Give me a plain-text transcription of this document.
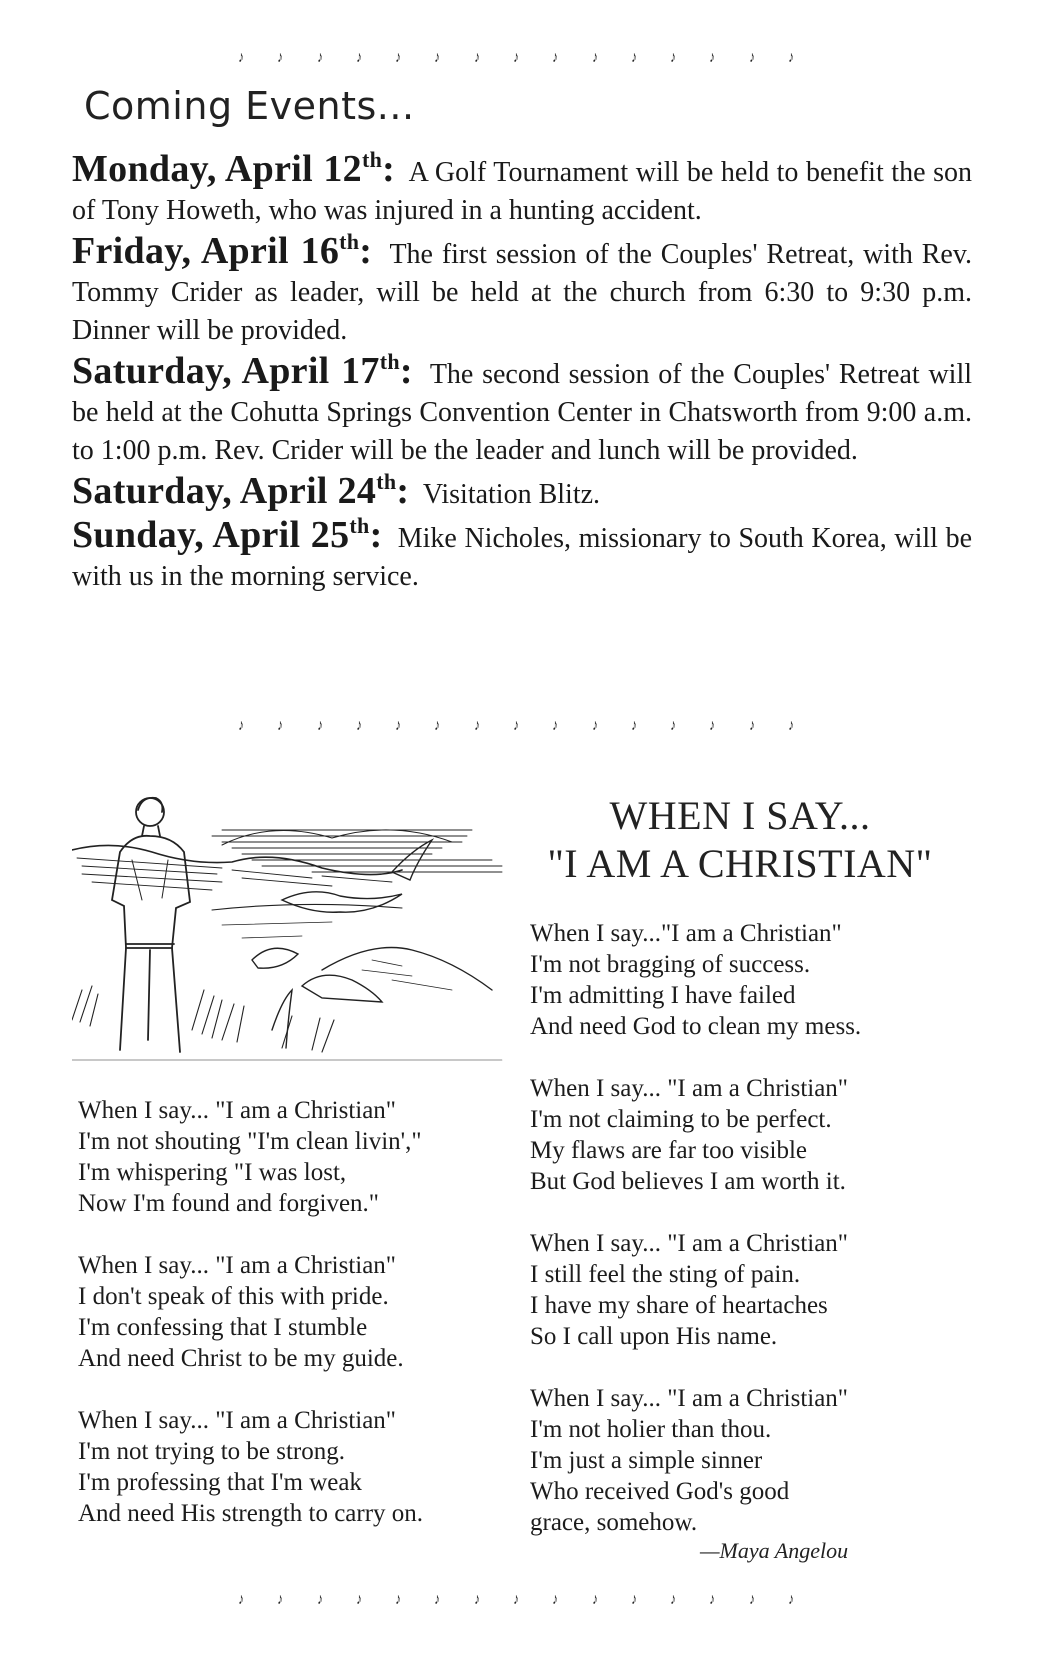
♪ ♪ ♪ ♪ ♪ ♪ ♪ ♪ ♪ ♪ ♪ ♪ ♪ ♪ ♪
Coming Events...

Monday, April 12th: A Golf Tournament will be held to benefit the son of Tony Howeth, who was injured in a hunting accident.

Friday, April 16th: The first session of the Couples' Retreat, with Rev. Tommy Crider as leader, will be held at the church from 6:30 to 9:30 p.m. Dinner will be provided.

Saturday, April 17th: The second session of the Couples' Retreat will be held at the Cohutta Springs Convention Center in Chatsworth from 9:00 a.m. to 1:00 p.m. Rev. Crider will be the leader and lunch will be provided.

Saturday, April 24th: Visitation Blitz.

Sunday, April 25th: Mike Nicholes, missionary to South Korea, will be with us in the morning service.

♪ ♪ ♪ ♪ ♪ ♪ ♪ ♪ ♪ ♪ ♪ ♪ ♪ ♪ ♪
WHEN I SAY...
"I AM A CHRISTIAN"
When I say..."I am a Christian"
I'm not bragging of success.
I'm admitting I have failed
And need God to clean my mess.
When I say... "I am a Christian"
I'm not claiming to be perfect.
My flaws are far too visible
But God believes I am worth it.
When I say... "I am a Christian"
I still feel the sting of pain.
I have my share of heartaches
So I call upon His name.
When I say... "I am a Christian"
I'm not holier than thou.
I'm just a simple sinner
Who received God's good
grace, somehow.
When I say... "I am a Christian"
I'm not shouting "I'm clean livin',"
I'm whispering "I was lost,
Now I'm found and forgiven."
When I say... "I am a Christian"
I don't speak of this with pride.
I'm confessing that I stumble
And need Christ to be my guide.
When I say... "I am a Christian"
I'm not trying to be strong.
I'm professing that I'm weak
And need His strength to carry on.
—Maya Angelou
♪ ♪ ♪ ♪ ♪ ♪ ♪ ♪ ♪ ♪ ♪ ♪ ♪ ♪ ♪
